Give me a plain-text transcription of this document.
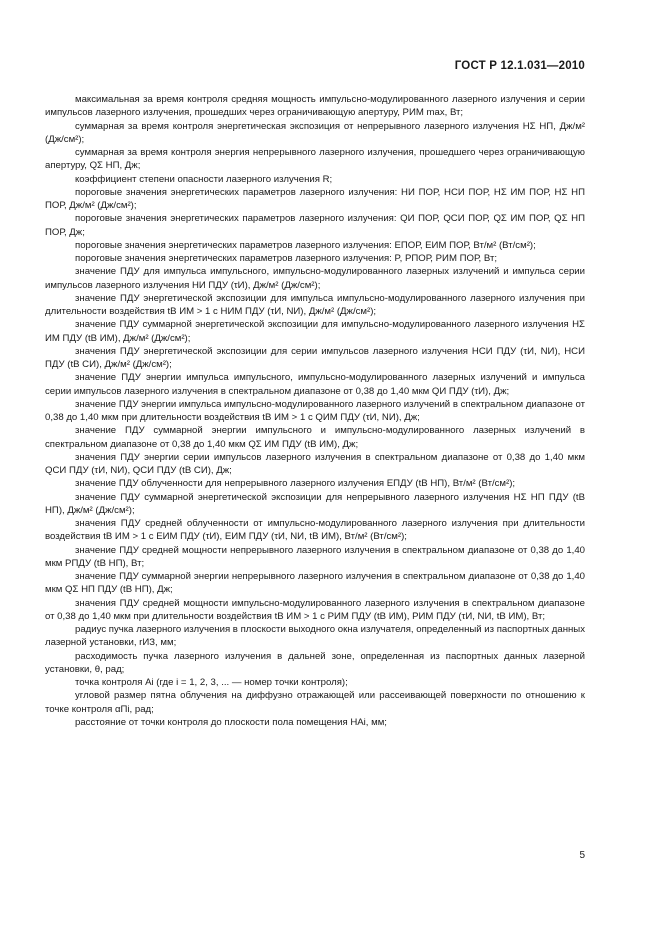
ГОСТ Р 12.1.031—2010

максимальная за время контроля средняя мощность импульсно-модулированного лазерного излучения и серии импульсов лазерного излучения, прошедших через ограничивающую апертуру, PИМ max, Вт;

суммарная за время контроля энергетическая экспозиция от непрерывного лазерного излучения HΣ НП, Дж/м² (Дж/см²);

суммарная за время контроля энергия непрерывного лазерного излучения, прошедшего через ограничивающую апертуру, QΣ НП, Дж;

коэффициент степени опасности лазерного излучения R;

пороговые значения энергетических параметров лазерного излучения: HИ ПОР, HСИ ПОР, HΣ ИМ ПОР, HΣ НП ПОР, Дж/м² (Дж/см²);

пороговые значения энергетических параметров лазерного излучения: QИ ПОР, QСИ ПОР, QΣ ИМ ПОР, QΣ НП ПОР, Дж;

пороговые значения энергетических параметров лазерного излучения: EПОР, EИМ ПОР, Вт/м² (Вт/см²);

пороговые значения энергетических параметров лазерного излучения: P, PПОР, PИМ ПОР, Вт;

значение ПДУ для импульса импульсного, импульсно-модулированного лазерных излучений и импульса серии импульсов лазерного излучения HИ ПДУ (τИ), Дж/м² (Дж/см²);

значение ПДУ энергетической экспозиции для импульса импульсно-модулированного лазерного излучения при длительности воздействия tВ ИМ > 1 с HИМ ПДУ (τИ, NИ), Дж/м² (Дж/см²);

значение ПДУ суммарной энергетической экспозиции для импульсно-модулированного лазерного излучения HΣ ИМ ПДУ (tВ ИМ), Дж/м² (Дж/см²);

значения ПДУ энергетической экспозиции для серии импульсов лазерного излучения HСИ ПДУ (τИ, NИ), HСИ ПДУ (tВ СИ), Дж/м² (Дж/см²);

значение ПДУ энергии импульса импульсного, импульсно-модулированного лазерных излучений и импульса серии импульсов лазерного излучения в спектральном диапазоне от 0,38 до 1,40 мкм QИ ПДУ (τИ), Дж;

значение ПДУ энергии импульса импульсно-модулированного лазерного излучений в спектральном диапазоне от 0,38 до 1,40 мкм при длительности воздействия tВ ИМ > 1 с QИМ ПДУ (τИ, NИ), Дж;

значение ПДУ суммарной энергии импульсного и импульсно-модулированного лазерных излучений в спектральном диапазоне от 0,38 до 1,40 мкм QΣ ИМ ПДУ (tВ ИМ), Дж;

значения ПДУ энергии серии импульсов лазерного излучения в спектральном диапазоне от 0,38 до 1,40 мкм QСИ ПДУ (τИ, NИ), QСИ ПДУ (tВ СИ), Дж;

значение ПДУ облученности для непрерывного лазерного излучения EПДУ (tВ НП), Вт/м² (Вт/см²);

значение ПДУ суммарной энергетической экспозиции для непрерывного лазерного излучения HΣ НП ПДУ (tВ НП), Дж/м² (Дж/см²);

значения ПДУ средней облученности от импульсно-модулированного лазерного излучения при длительности воздействия tВ ИМ > 1 с EИМ ПДУ (τИ), EИМ ПДУ (τИ, NИ, tВ ИМ), Вт/м² (Вт/см²);

значение ПДУ средней мощности непрерывного лазерного излучения в спектральном диапазоне от 0,38 до 1,40 мкм PПДУ (tВ НП), Вт;

значение ПДУ суммарной энергии непрерывного лазерного излучения в спектральном диапазоне от 0,38 до 1,40 мкм QΣ НП ПДУ (tВ НП), Дж;

значения ПДУ средней мощности импульсно-модулированного лазерного излучения в спектральном диапазоне от 0,38 до 1,40 мкм при длительности воздействия tВ ИМ > 1 с PИМ ПДУ (tВ ИМ), PИМ ПДУ (τИ, NИ, tВ ИМ), Вт;

радиус пучка лазерного излучения в плоскости выходного окна излучателя, определенный из паспортных данных лазерной установки, rИЗ, мм;

расходимость пучка лазерного излучения в дальней зоне, определенная из паспортных данных лазерной установки, θ, рад;

точка контроля Ai (где i = 1, 2, 3, ... — номер точки контроля);

угловой размер пятна облучения на диффузно отражающей или рассеивающей поверхности по отношению к точке контроля αПi, рад;

расстояние от точки контроля до плоскости пола помещения HAi, мм;

5
